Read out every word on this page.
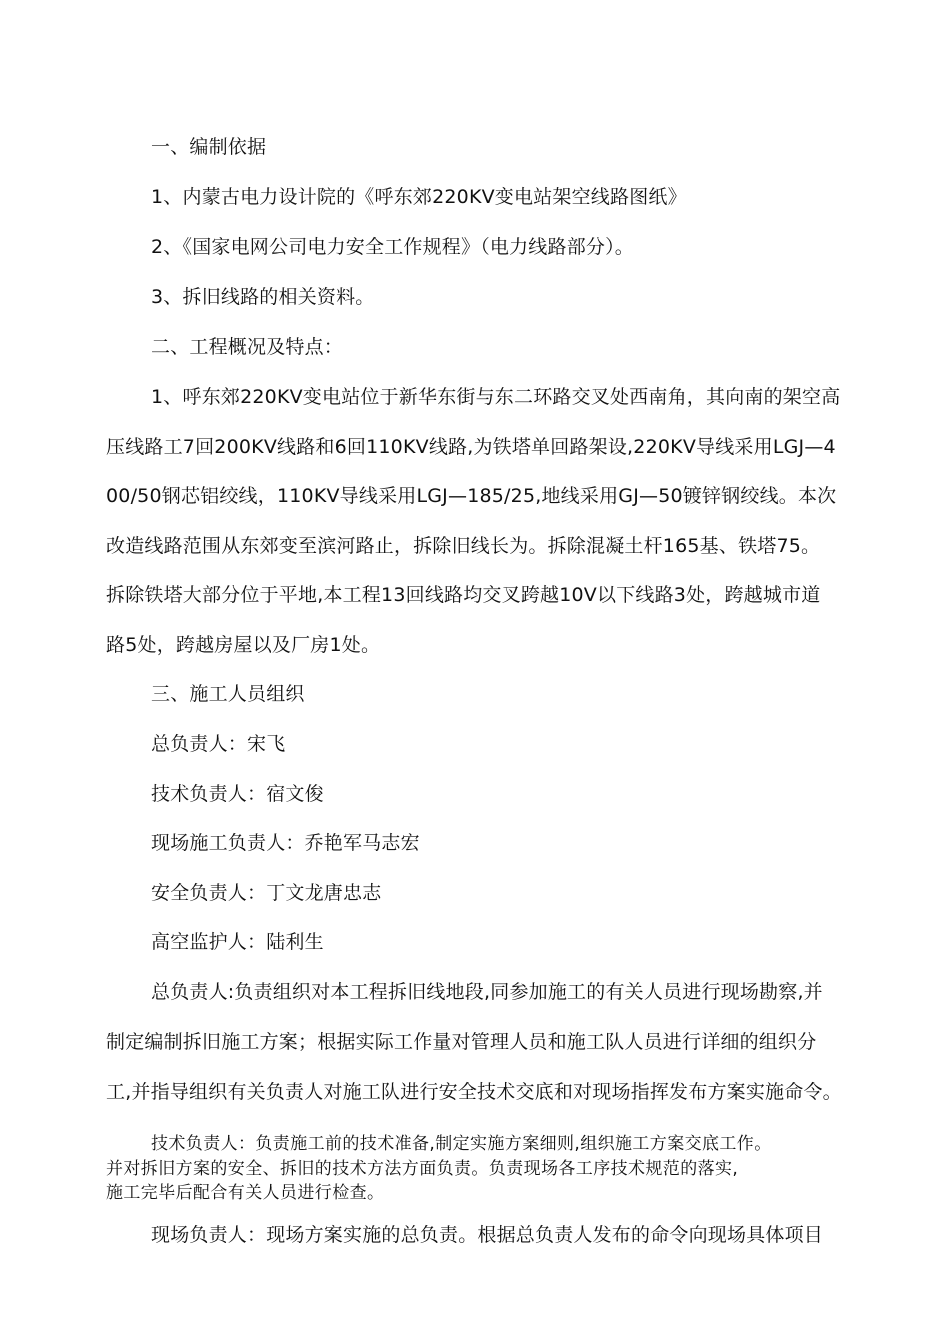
一、编制依据
1、内蒙古电力设计院的《呼东郊220KV变电站架空线路图纸》
2、《国家电网公司电力安全工作规程》（电力线路部分）。
3、拆旧线路的相关资料。
二、工程概况及特点：
1、呼东郊220KV变电站位于新华东街与东二环路交叉处西南角，其向南的架空高
压线路工7回200KV线路和6回110KV线路,为铁塔单回路架设,220KV导线采用LGJ—4
00/50钢芯铝绞线，110KV导线采用LGJ—185/25,地线采用GJ—50镀锌钢绞线。本次
改造线路范围从东郊变至滨河路止，拆除旧线长为。拆除混凝土杆165基、铁塔75。
拆除铁塔大部分位于平地,本工程13回线路均交叉跨越10V以下线路3处，跨越城市道
路5处，跨越房屋以及厂房1处。
三、施工人员组织
总负责人：宋飞
技术负责人：宿文俊
现场施工负责人：乔艳军马志宏
安全负责人：丁文龙唐忠志
高空监护人：陆利生
总负责人:负责组织对本工程拆旧线地段,同参加施工的有关人员进行现场勘察,并
制定编制拆旧施工方案；根据实际工作量对管理人员和施工队人员进行详细的组织分
工,并指导组织有关负责人对施工队进行安全技术交底和对现场指挥发布方案实施命令。
技术负责人：负责施工前的技术准备,制定实施方案细则,组织施工方案交底工作。
并对拆旧方案的安全、拆旧的技术方法方面负责。负责现场各工序技术规范的落实,
施工完毕后配合有关人员进行检查。
现场负责人：现场方案实施的总负责。根据总负责人发布的命令向现场具体项目
